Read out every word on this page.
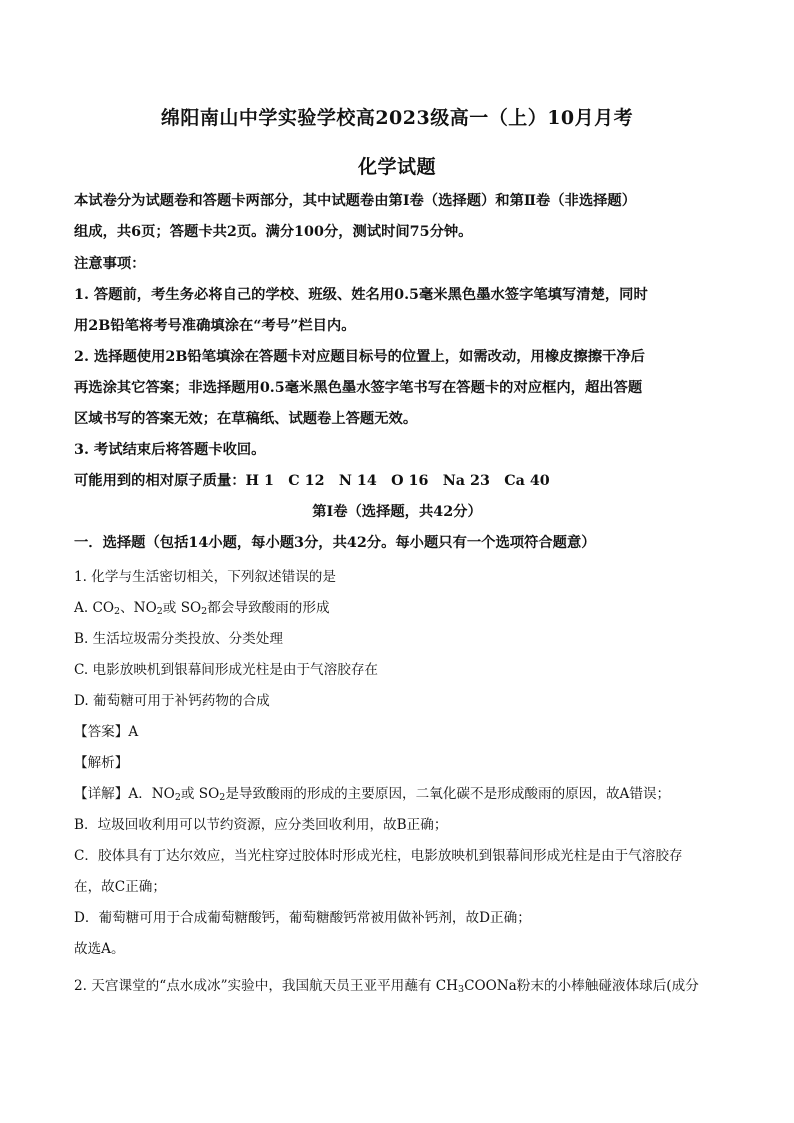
绵阳南山中学实验学校高2023级高一（上）10月月考
化学试题
本试卷分为试题卷和答题卡两部分，其中试题卷由第Ⅰ卷（选择题）和第Ⅱ卷（非选择题）
组成，共6页；答题卡共2页。满分100分，测试时间75分钟。
注意事项：
1. 答题前，考生务必将自己的学校、班级、姓名用0.5毫米黑色墨水签字笔填写清楚，同时
用2B铅笔将考号准确填涂在“考号”栏目内。
2. 选择题使用2B铅笔填涂在答题卡对应题目标号的位置上，如需改动，用橡皮擦擦干净后
再选涂其它答案；非选择题用0.5毫米黑色墨水签字笔书写在答题卡的对应框内，超出答题
区域书写的答案无效；在草稿纸、试题卷上答题无效。
3. 考试结束后将答题卡收回。
可能用到的相对原子质量：H 1　C 12　N 14　O 16　Na 23　Ca 40
第Ⅰ卷（选择题，共42分）
一．选择题（包括14小题，每小题3分，共42分。每小题只有一个选项符合题意）
1. 化学与生活密切相关，下列叙述错误的是
A. $CO_2$、$NO_2$或 $SO_2$都会导致酸雨的形成
B. 生活垃圾需分类投放、分类处理
C. 电影放映机到银幕间形成光柱是由于气溶胶存在
D. 葡萄糖可用于补钙药物的合成
【答案】A
【解析】
【详解】A．$NO_2$或 $SO_2$是导致酸雨的形成的主要原因，二氧化碳不是形成酸雨的原因，故A错误；
B．垃圾回收利用可以节约资源，应分类回收利用，故B正确；
C．胶体具有丁达尔效应，当光柱穿过胶体时形成光柱，电影放映机到银幕间形成光柱是由于气溶胶存
在，故C正确；
D．葡萄糖可用于合成葡萄糖酸钙，葡萄糖酸钙常被用做补钙剂，故D正确；
故选A。
2. 天宫课堂的“点水成冰”实验中，我国航天员王亚平用蘸有 $CH_3COONa$粉末的小棒触碰液体球后(成分
